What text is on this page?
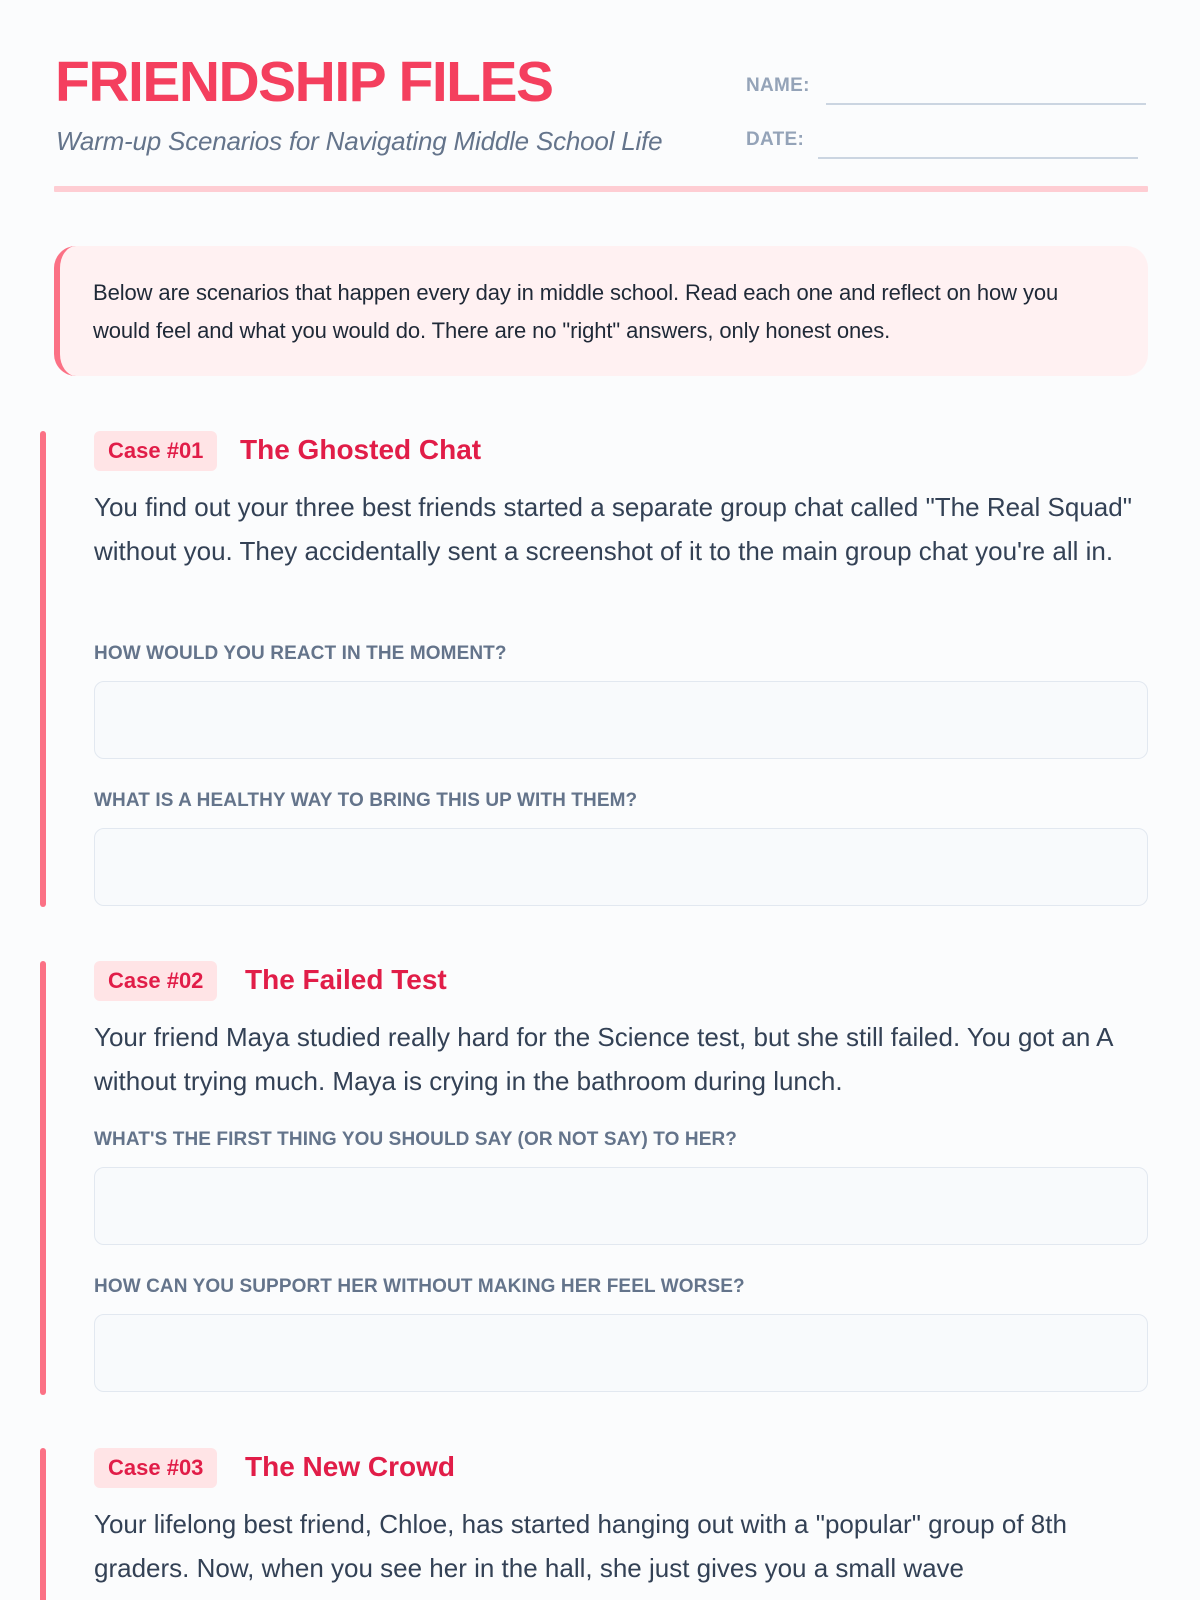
FRIENDSHIP FILES
Warm-up Scenarios for Navigating Middle School Life
NAME:
DATE:
Below are scenarios that happen every day in middle school. Read each one and reflect on how you would feel and what you would do. There are no "right" answers, only honest ones.
Case #01	The Ghosted Chat

You find out your three best friends started a separate group chat called "The Real Squad" without you. They accidentally sent a screenshot of it to the main group chat you're all in.

HOW WOULD YOU REACT IN THE MOMENT?
WHAT IS A HEALTHY WAY TO BRING THIS UP WITH THEM?
Case #02	The Failed Test

Your friend Maya studied really hard for the Science test, but she still failed. You got an A without trying much. Maya is crying in the bathroom during lunch.

WHAT'S THE FIRST THING YOU SHOULD SAY (OR NOT SAY) TO HER?
HOW CAN YOU SUPPORT HER WITHOUT MAKING HER FEEL WORSE?
Case #03	The New Crowd

Your lifelong best friend, Chloe, has started hanging out with a "popular" group of 8th graders. Now, when you see her in the hall, she just gives you a small wave
